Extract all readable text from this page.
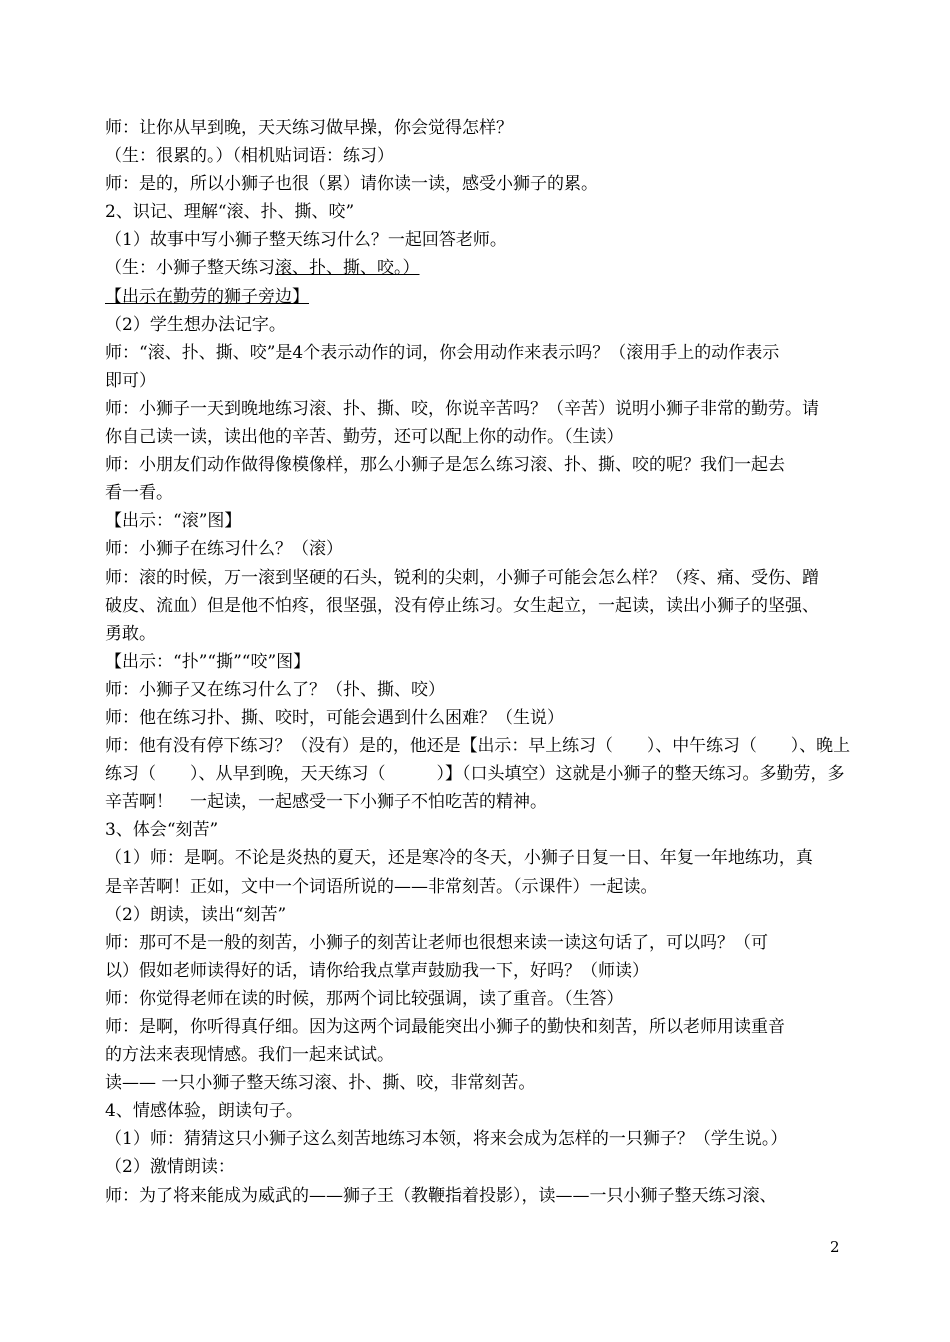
师：让你从早到晚，天天练习做早操，你会觉得怎样？
（生：很累的。）（相机贴词语：练习）
师：是的，所以小狮子也很（累）请你读一读，感受小狮子的累。
2、识记、理解“滚、扑、撕、咬”
（1）故事中写小狮子整天练习什么？一起回答老师。
（生：小狮子整天练习滚、扑、撕、咬。）
【出示在勤劳的狮子旁边】
（2）学生想办法记字。
师：“滚、扑、撕、咬”是4个表示动作的词，你会用动作来表示吗？（滚用手上的动作表示
即可）
师：小狮子一天到晚地练习滚、扑、撕、咬，你说辛苦吗？（辛苦）说明小狮子非常的勤劳。请
你自己读一读，读出他的辛苦、勤劳，还可以配上你的动作。（生读）
师：小朋友们动作做得像模像样，那么小狮子是怎么练习滚、扑、撕、咬的呢？我们一起去
看一看。
【出示：“滚”图】
师：小狮子在练习什么？（滚）
师：滚的时候，万一滚到坚硬的石头，锐利的尖刺，小狮子可能会怎么样？（疼、痛、受伤、蹭
破皮、流血）但是他不怕疼，很坚强，没有停止练习。女生起立，一起读，读出小狮子的坚强、
勇敢。
【出示：“扑”“撕”“咬”图】
师：小狮子又在练习什么了？（扑、撕、咬）
师：他在练习扑、撕、咬时，可能会遇到什么困难？（生说）
师：他有没有停下练习？（没有）是的，他还是【出示：早上练习（　　）、中午练习（　　）、晚上
练习（　　）、从早到晚，天天练习（　　　）】（口头填空）这就是小狮子的整天练习。多勤劳，多
辛苦啊！　一起读，一起感受一下小狮子不怕吃苦的精神。
3、体会“刻苦”
（1）师：是啊。不论是炎热的夏天，还是寒冷的冬天，小狮子日复一日、年复一年地练功，真
是辛苦啊！正如，文中一个词语所说的——非常刻苦。（示课件）一起读。
（2）朗读，读出“刻苦”
师：那可不是一般的刻苦，小狮子的刻苦让老师也很想来读一读这句话了，可以吗？（可
以）假如老师读得好的话，请你给我点掌声鼓励我一下，好吗？（师读）
师：你觉得老师在读的时候，那两个词比较强调，读了重音。（生答）
师：是啊，你听得真仔细。因为这两个词最能突出小狮子的勤快和刻苦，所以老师用读重音
的方法来表现情感。我们一起来试试。
读—— 一只小狮子整天练习滚、扑、撕、咬，非常刻苦。
4、情感体验，朗读句子。
（1）师：猜猜这只小狮子这么刻苦地练习本领，将来会成为怎样的一只狮子？（学生说。）
（2）激情朗读：
师：为了将来能成为威武的——狮子王（教鞭指着投影），读——一只小狮子整天练习滚、
2
